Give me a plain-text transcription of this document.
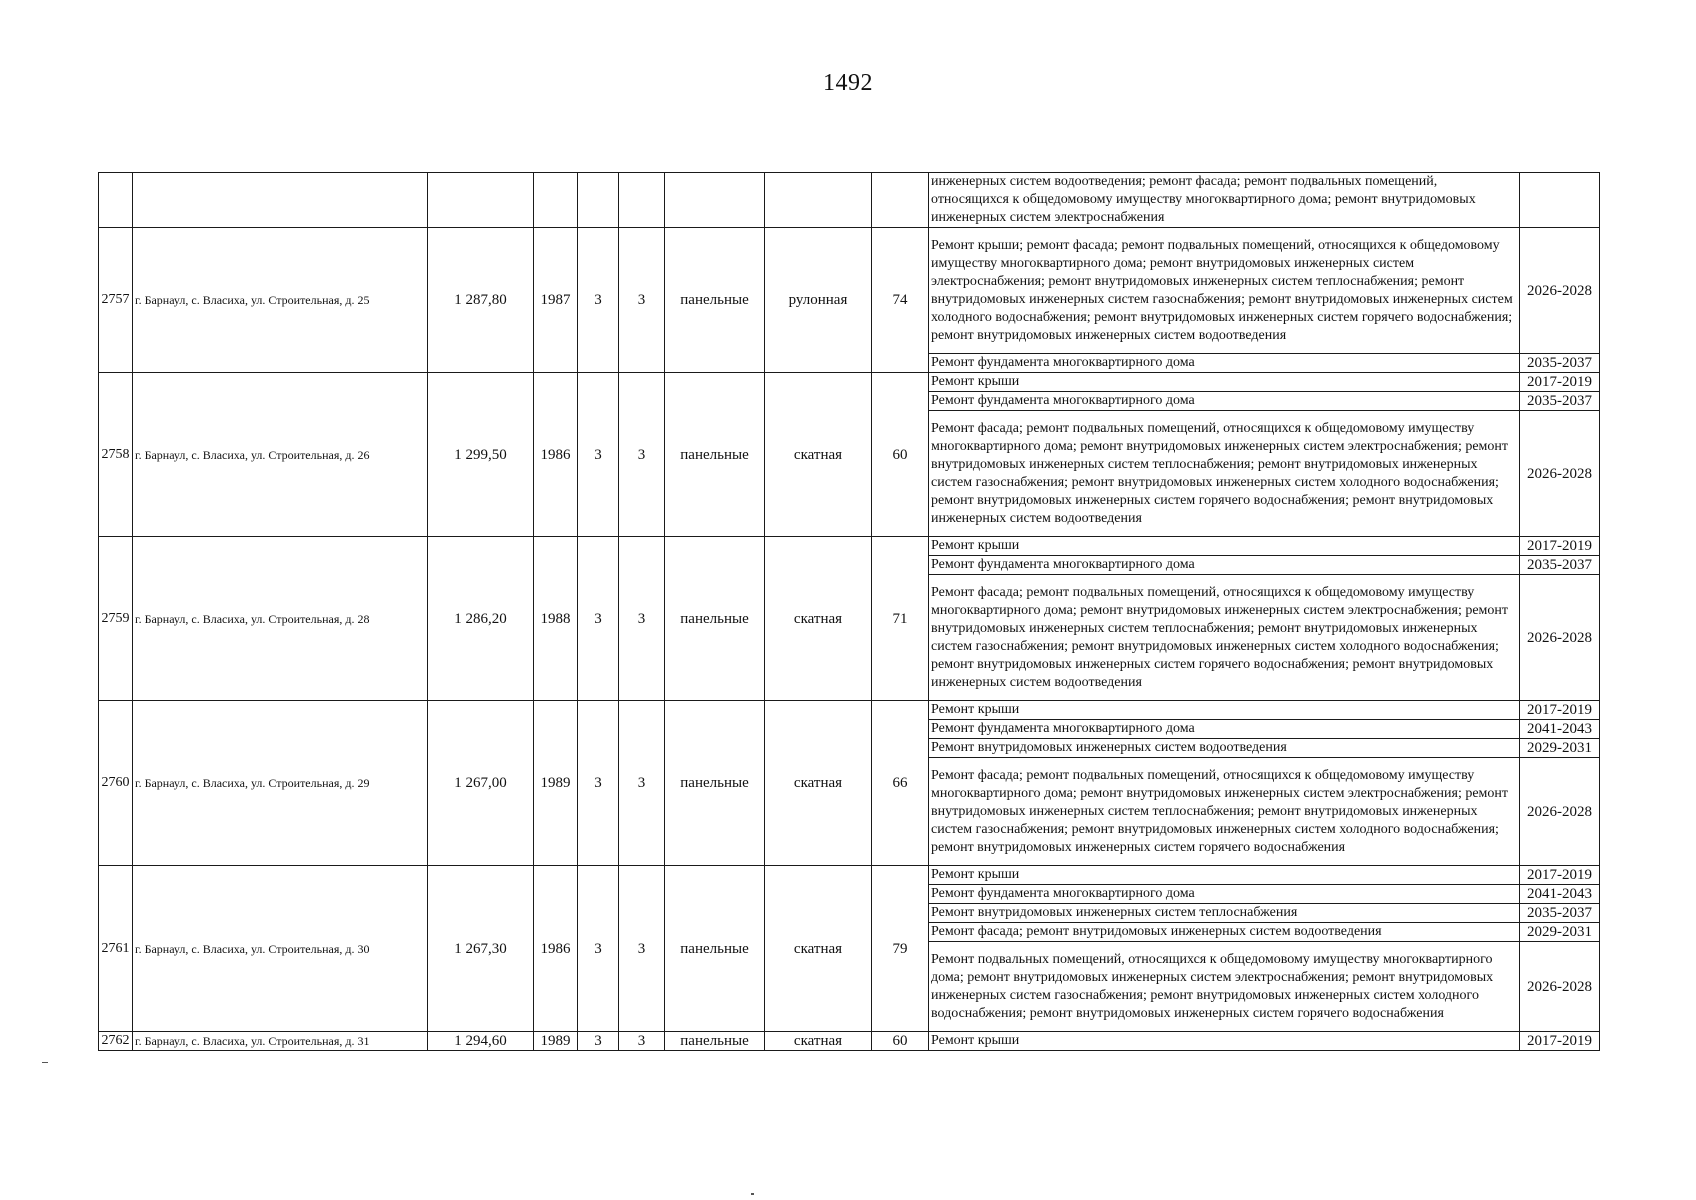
1492
									инженерных систем водоотведения; ремонт фасада; ремонт подвальных помещений, относящихся к общедомовому имуществу многоквартирного дома; ремонт внутридомовых инженерных систем электроснабжения	
2757	г. Барнаул, с. Власиха, ул. Строительная, д. 25	1 287,80	1987	3	3	панельные	рулонная	74	Ремонт крыши; ремонт фасада; ремонт подвальных помещений, относящихся к общедомовому имуществу многоквартирного дома; ремонт внутридомовых инженерных систем электроснабжения; ремонт внутридомовых инженерных систем теплоснабжения; ремонт внутридомовых инженерных систем газоснабжения; ремонт внутридомовых инженерных систем холодного водоснабжения; ремонт внутридомовых инженерных систем горячего водоснабжения; ремонт внутридомовых инженерных систем водоотведения	2026-2028
									Ремонт фундамента многоквартирного дома	2035-2037
2758	г. Барнаул, с. Власиха, ул. Строительная, д. 26	1 299,50	1986	3	3	панельные	скатная	60	Ремонт крыши	2017-2019
									Ремонт фундамента многоквартирного дома	2035-2037
									Ремонт фасада; ремонт подвальных помещений, относящихся к общедомовому имуществу многоквартирного дома; ремонт внутридомовых инженерных систем электроснабжения; ремонт внутридомовых инженерных систем теплоснабжения; ремонт внутридомовых инженерных систем газоснабжения; ремонт внутридомовых инженерных систем холодного водоснабжения; ремонт внутридомовых инженерных систем горячего водоснабжения; ремонт внутридомовых инженерных систем водоотведения	2026-2028
2759	г. Барнаул, с. Власиха, ул. Строительная, д. 28	1 286,20	1988	3	3	панельные	скатная	71	Ремонт крыши	2017-2019
									Ремонт фундамента многоквартирного дома	2035-2037
									Ремонт фасада; ремонт подвальных помещений, относящихся к общедомовому имуществу многоквартирного дома; ремонт внутридомовых инженерных систем электроснабжения; ремонт внутридомовых инженерных систем теплоснабжения; ремонт внутридомовых инженерных систем газоснабжения; ремонт внутридомовых инженерных систем холодного водоснабжения; ремонт внутридомовых инженерных систем горячего водоснабжения; ремонт внутридомовых инженерных систем водоотведения	2026-2028
2760	г. Барнаул, с. Власиха, ул. Строительная, д. 29	1 267,00	1989	3	3	панельные	скатная	66	Ремонт крыши	2017-2019
									Ремонт фундамента многоквартирного дома	2041-2043
									Ремонт внутридомовых инженерных систем водоотведения	2029-2031
									Ремонт фасада; ремонт подвальных помещений, относящихся к общедомовому имуществу многоквартирного дома; ремонт внутридомовых инженерных систем электроснабжения; ремонт внутридомовых инженерных систем теплоснабжения; ремонт внутридомовых инженерных систем газоснабжения; ремонт внутридомовых инженерных систем холодного водоснабжения; ремонт внутридомовых инженерных систем горячего водоснабжения	2026-2028
2761	г. Барнаул, с. Власиха, ул. Строительная, д. 30	1 267,30	1986	3	3	панельные	скатная	79	Ремонт крыши	2017-2019
									Ремонт фундамента многоквартирного дома	2041-2043
									Ремонт внутридомовых инженерных систем теплоснабжения	2035-2037
									Ремонт фасада; ремонт внутридомовых инженерных систем водоотведения	2029-2031
									Ремонт подвальных помещений, относящихся к общедомовому имуществу многоквартирного дома; ремонт внутридомовых инженерных систем электроснабжения; ремонт внутридомовых инженерных систем газоснабжения; ремонт внутридомовых инженерных систем холодного водоснабжения; ремонт внутридомовых инженерных систем горячего водоснабжения	2026-2028
2762	г. Барнаул, с. Власиха, ул. Строительная, д. 31	1 294,60	1989	3	3	панельные	скатная	60	Ремонт крыши	2017-2019
